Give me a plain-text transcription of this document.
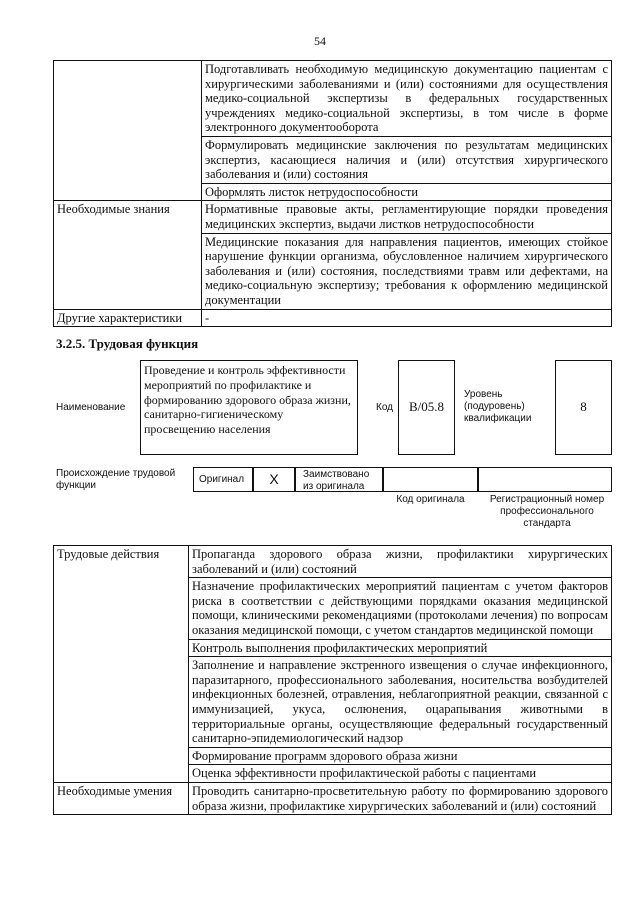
54
	Подготавливать необходимую медицинскую документацию пациентам с хирургическими заболеваниями и (или) состояниями для осуществления медико-социальной экспертизы в федеральных государственных учреждениях медико-социальной экспертизы, в том числе в форме электронного документооборота
	Формулировать медицинские заключения по результатам медицинских экспертиз, касающиеся наличия и (или) отсутствия хирургического заболевания и (или) состояния
	Оформлять листок нетрудоспособности
Необходимые знания	Нормативные правовые акты, регламентирующие порядки проведения медицинских экспертиз, выдачи листков нетрудоспособности
	Медицинские показания для направления пациентов, имеющих стойкое нарушение функции организма, обусловленное наличием хирургического заболевания и (или) состояния, последствиями травм или дефектами, на медико-социальную экспертизу; требования к оформлению медицинской документации
Другие характеристики	-
3.2.5. Трудовая функция
Наименование
Проведение и контроль эффективности мероприятий по профилактике и формированию здорового образа жизни, санитарно-гигиеническому просвещению населения
Код	B/05.8
Уровень (подуровень) квалификации
8
Происхождение трудовой функции
Оригинал	X	Заимствовано из оригинала
Код оригинала	Регистрационный номер профессионального стандарта
Трудовые действия	Пропаганда здорового образа жизни, профилактики хирургических заболеваний и (или) состояний
	Назначение профилактических мероприятий пациентам с учетом факторов риска в соответствии с действующими порядками оказания медицинской помощи, клиническими рекомендациями (протоколами лечения) по вопросам оказания медицинской помощи, с учетом стандартов медицинской помощи
	Контроль выполнения профилактических мероприятий
	Заполнение и направление экстренного извещения о случае инфекционного, паразитарного, профессионального заболевания, носительства возбудителей инфекционных болезней, отравления, неблагоприятной реакции, связанной с иммунизацией, укуса, ослюнения, оцарапывания животными в территориальные органы, осуществляющие федеральный государственный санитарно-эпидемиологический надзор
	Формирование программ здорового образа жизни
	Оценка эффективности профилактической работы с пациентами
Необходимые умения	Проводить санитарно-просветительную работу по формированию здорового образа жизни, профилактике хирургических заболеваний и (или) состояний
